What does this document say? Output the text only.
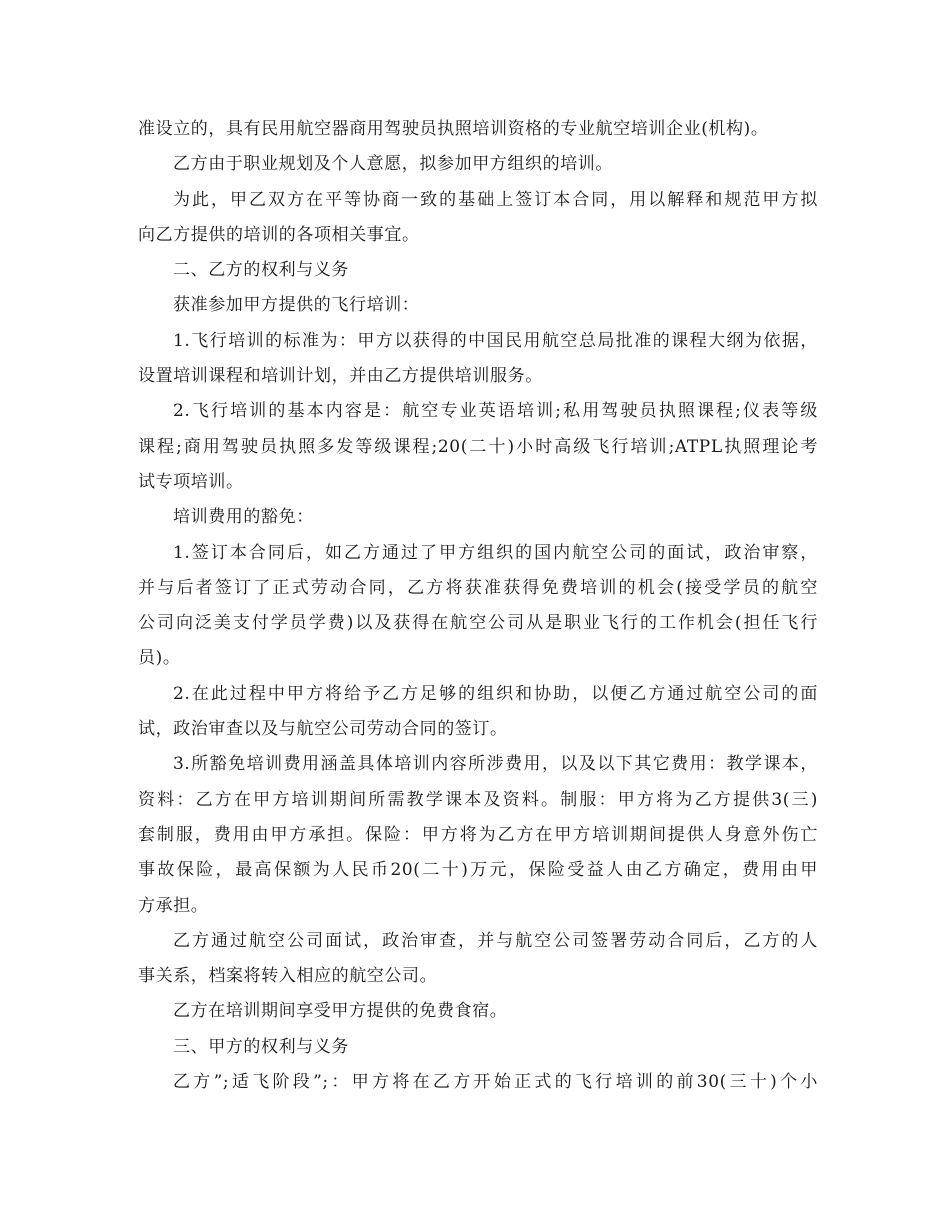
准设立的，具有民用航空器商用驾驶员执照培训资格的专业航空培训企业(机构)。
乙方由于职业规划及个人意愿，拟参加甲方组织的培训。
为此，甲乙双方在平等协商一致的基础上签订本合同，用以解释和规范甲方拟
向乙方提供的培训的各项相关事宜。
二、乙方的权利与义务
获准参加甲方提供的飞行培训：
1.飞行培训的标准为：甲方以获得的中国民用航空总局批准的课程大纲为依据，
设置培训课程和培训计划，并由乙方提供培训服务。
2.飞行培训的基本内容是：航空专业英语培训;私用驾驶员执照课程;仪表等级
课程;商用驾驶员执照多发等级课程;20(二十)小时高级飞行培训;ATPL执照理论考
试专项培训。
培训费用的豁免：
1.签订本合同后，如乙方通过了甲方组织的国内航空公司的面试，政治审察，
并与后者签订了正式劳动合同，乙方将获准获得免费培训的机会(接受学员的航空
公司向泛美支付学员学费)以及获得在航空公司从是职业飞行的工作机会(担任飞行
员)。
2.在此过程中甲方将给予乙方足够的组织和协助，以便乙方通过航空公司的面
试，政治审查以及与航空公司劳动合同的签订。
3.所豁免培训费用涵盖具体培训内容所涉费用，以及以下其它费用：教学课本，
资料：乙方在甲方培训期间所需教学课本及资料。制服：甲方将为乙方提供3(三)
套制服，费用由甲方承担。保险：甲方将为乙方在甲方培训期间提供人身意外伤亡
事故保险，最高保额为人民币20(二十)万元，保险受益人由乙方确定，费用由甲
方承担。
乙方通过航空公司面试，政治审查，并与航空公司签署劳动合同后，乙方的人
事关系，档案将转入相应的航空公司。
乙方在培训期间享受甲方提供的免费食宿。
三、甲方的权利与义务
乙方”;适飞阶段”;：甲方将在乙方开始正式的飞行培训的前30(三十)个小
